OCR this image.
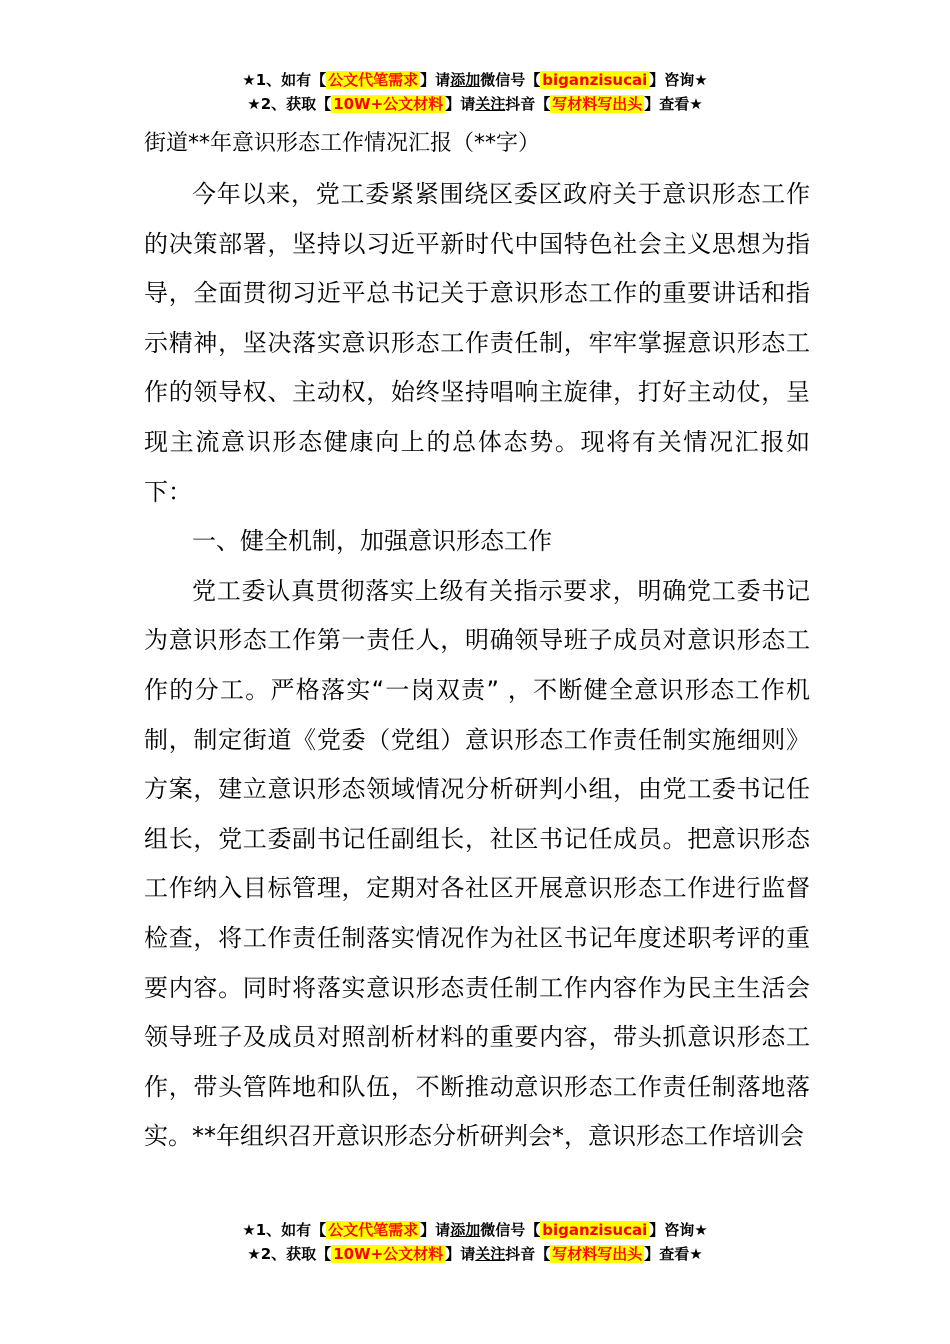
★1、如有【 公文代笔需求 】请添加微信号【 biganzisucai 】咨询★
★2、获取【 10W+公文材料 】请关注抖音【 写材料写出头 】查看★
街道**年意识形态工作情况汇报（**字）

今年以来，党工委紧紧围绕区委区政府关于意识形态工作的决策部署，坚持以习近平新时代中国特色社会主义思想为指导，全面贯彻习近平总书记关于意识形态工作的重要讲话和指示精神，坚决落实意识形态工作责任制，牢牢掌握意识形态工作的领导权、主动权，始终坚持唱响主旋律，打好主动仗，呈现主流意识形态健康向上的总体态势。现将有关情况汇报如下：

一、健全机制，加强意识形态工作

党工委认真贯彻落实上级有关指示要求，明确党工委书记为意识形态工作第一责任人，明确领导班子成员对意识形态工作的分工。严格落实“一岗双责” ，不断健全意识形态工作机制，制定街道《党委（党组）意识形态工作责任制实施细则》方案，建立意识形态领域情况分析研判小组，由党工委书记任组长，党工委副书记任副组长，社区书记任成员。把意识形态工作纳入目标管理，定期对各社区开展意识形态工作进行监督检查，将工作责任制落实情况作为社区书记年度述职考评的重要内容。同时将落实意识形态责任制工作内容作为民主生活会领导班子及成员对照剖析材料的重要内容，带头抓意识形态工作，带头管阵地和队伍，不断推动意识形态工作责任制落地落实。**年组织召开意识形态分析研判会*，意识形态工作培训会

★1、如有【 公文代笔需求 】请添加微信号【 biganzisucai 】咨询★
★2、获取【 10W+公文材料 】请关注抖音【 写材料写出头 】查看★
